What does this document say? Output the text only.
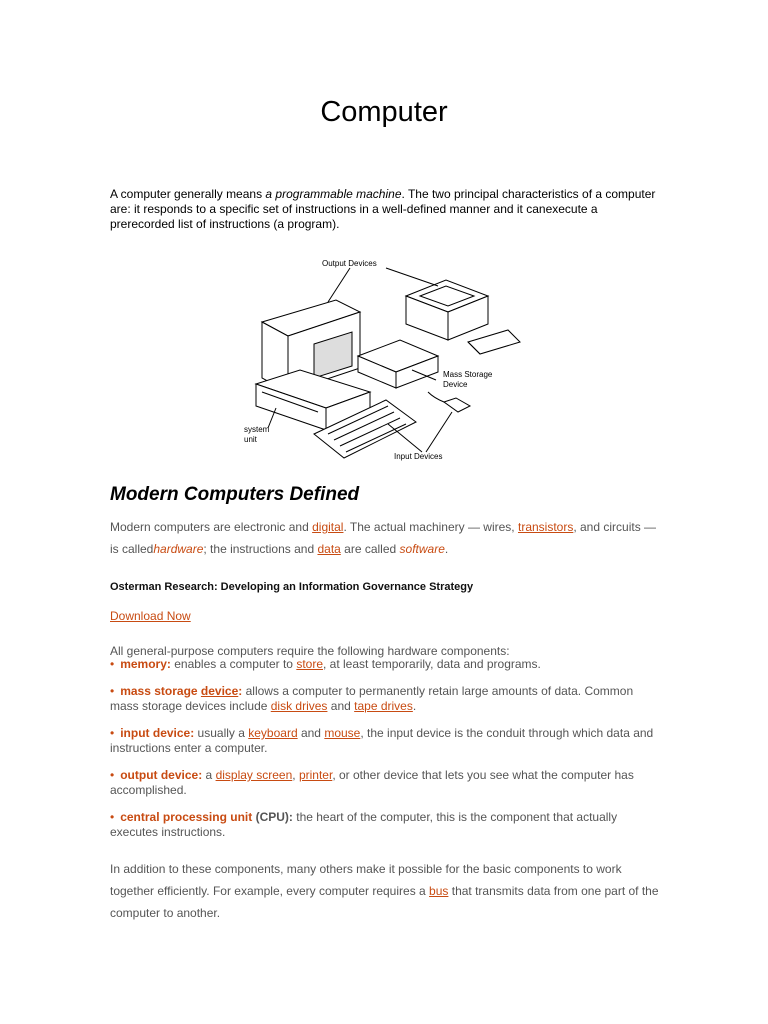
Computer
A computer generally means a programmable machine. The two principal characteristics of a computer are: it responds to a specific set of instructions in a well-defined manner and it canexecute a prerecorded list of instructions (a program).
Output Devices
Mass Storage
Device
system
unit
Input Devices
Modern Computers Defined
Modern computers are electronic and digital. The actual machinery — wires, transistors, and circuits — is calledhardware; the instructions and data are called software.
Osterman Research: Developing an Information Governance Strategy
Download Now
All general-purpose computers require the following hardware components:
• memory: enables a computer to store, at least temporarily, data and programs.
• mass storage device: allows a computer to permanently retain large amounts of data. Common mass storage devices include disk drives and tape drives.
• input device: usually a keyboard and mouse, the input device is the conduit through which data and instructions enter a computer.
• output device: a display screen, printer, or other device that lets you see what the computer has accomplished.
• central processing unit (CPU): the heart of the computer, this is the component that actually executes instructions.
In addition to these components, many others make it possible for the basic components to work together efficiently. For example, every computer requires a bus that transmits data from one part of the computer to another.
